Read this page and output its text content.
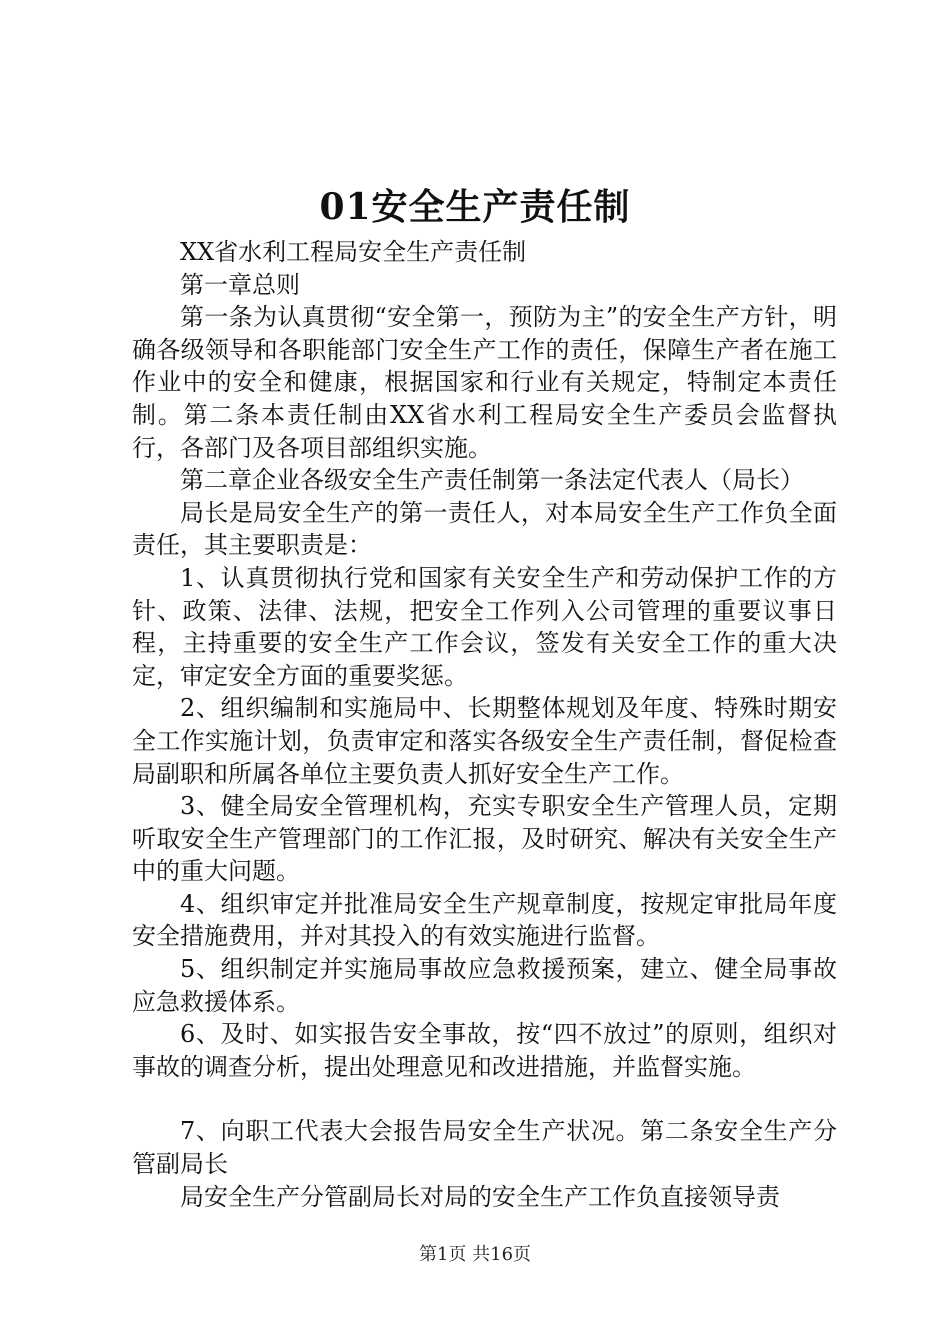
01安全生产责任制

XX省水利工程局安全生产责任制

第一章总则

第一条为认真贯彻“安全第一，预防为主”的安全生产方针，明确各级领导和各职能部门安全生产工作的责任，保障生产者在施工作业中的安全和健康，根据国家和行业有关规定，特制定本责任制。第二条本责任制由XX省水利工程局安全生产委员会监督执行，各部门及各项目部组织实施。

第二章企业各级安全生产责任制第一条法定代表人（局长）

局长是局安全生产的第一责任人，对本局安全生产工作负全面责任，其主要职责是：

1、认真贯彻执行党和国家有关安全生产和劳动保护工作的方针、政策、法律、法规，把安全工作列入公司管理的重要议事日程，主持重要的安全生产工作会议，签发有关安全工作的重大决定，审定安全方面的重要奖惩。

2、组织编制和实施局中、长期整体规划及年度、特殊时期安全工作实施计划，负责审定和落实各级安全生产责任制，督促检查局副职和所属各单位主要负责人抓好安全生产工作。

3、健全局安全管理机构，充实专职安全生产管理人员，定期听取安全生产管理部门的工作汇报，及时研究、解决有关安全生产中的重大问题。

4、组织审定并批准局安全生产规章制度，按规定审批局年度安全措施费用，并对其投入的有效实施进行监督。

5、组织制定并实施局事故应急救援预案，建立、健全局事故应急救援体系。

6、及时、如实报告安全事故，按“四不放过”的原则，组织对事故的调查分析，提出处理意见和改进措施，并监督实施。

7、向职工代表大会报告局安全生产状况。第二条安全生产分管副局长

局安全生产分管副局长对局的安全生产工作负直接领导责

第1页 共16页
